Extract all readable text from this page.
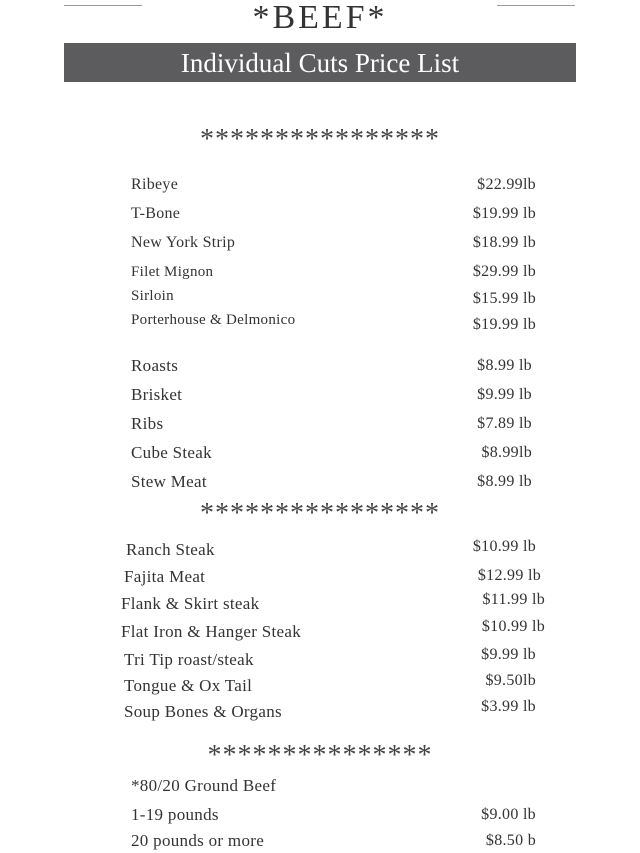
*BEEF*
Individual Cuts Price List
****************
Ribeye	$22.99lb
T-Bone	$19.99 lb
New York Strip	$18.99 lb
Filet Mignon	$29.99 lb
Sirloin	$15.99 lb
Porterhouse & Delmonico	$19.99 lb
Roasts	$8.99 lb
Brisket	$9.99 lb
Ribs	$7.89 lb
Cube Steak	$8.99lb
Stew Meat	$8.99 lb
****************
Ranch Steak	$10.99 lb
Fajita Meat	$12.99 lb
Flank & Skirt steak	$11.99 lb
Flat Iron & Hanger Steak	$10.99 lb
Tri Tip roast/steak	$9.99 lb
Tongue & Ox Tail	$9.50lb
Soup Bones & Organs	$3.99 lb
***************
*80/20 Ground Beef
1-19 pounds	$9.00 lb
20 pounds or more	$8.50 b
